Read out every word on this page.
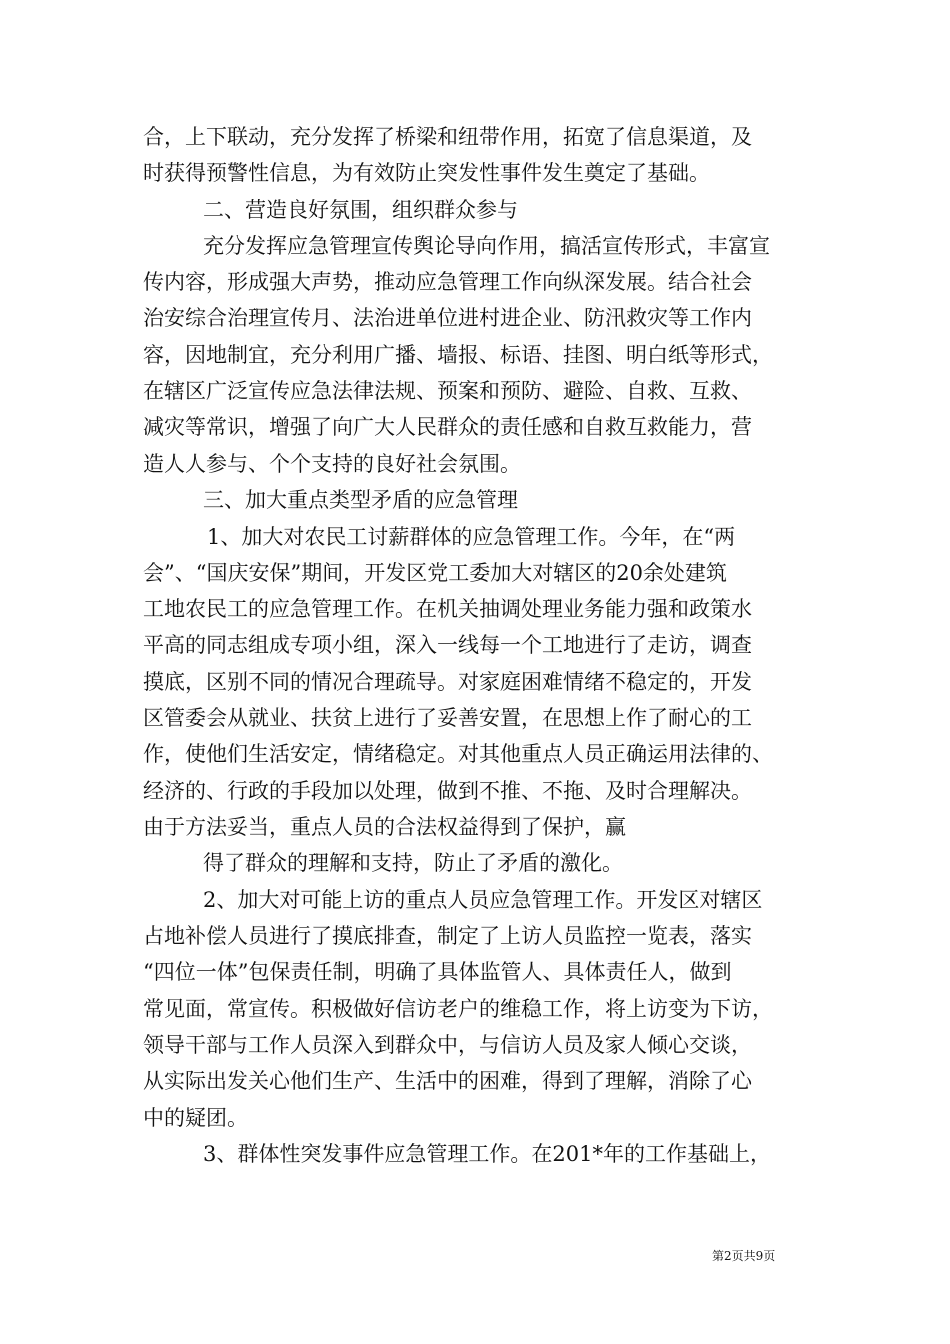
合，上下联动，充分发挥了桥梁和纽带作用，拓宽了信息渠道，及
时获得预警性信息，为有效防止突发性事件发生奠定了基础。
二、营造良好氛围，组织群众参与
充分发挥应急管理宣传舆论导向作用，搞活宣传形式，丰富宣
传内容，形成强大声势，推动应急管理工作向纵深发展。结合社会
治安综合治理宣传月、法治进单位进村进企业、防汛救灾等工作内
容，因地制宜，充分利用广播、墙报、标语、挂图、明白纸等形式，
在辖区广泛宣传应急法律法规、预案和预防、避险、自救、互救、
减灾等常识，增强了向广大人民群众的责任感和自救互救能力，营
造人人参与、个个支持的良好社会氛围。
三、加大重点类型矛盾的应急管理
1、加大对农民工讨薪群体的应急管理工作。今年，在“两
会”、“国庆安保”期间，开发区党工委加大对辖区的20余处建筑
工地农民工的应急管理工作。在机关抽调处理业务能力强和政策水
平高的同志组成专项小组，深入一线每一个工地进行了走访，调查
摸底，区别不同的情况合理疏导。对家庭困难情绪不稳定的，开发
区管委会从就业、扶贫上进行了妥善安置，在思想上作了耐心的工
作，使他们生活安定，情绪稳定。对其他重点人员正确运用法律的、
经济的、行政的手段加以处理，做到不推、不拖、及时合理解决。
由于方法妥当，重点人员的合法权益得到了保护，赢
得了群众的理解和支持，防止了矛盾的激化。
2、加大对可能上访的重点人员应急管理工作。开发区对辖区
占地补偿人员进行了摸底排查，制定了上访人员监控一览表，落实
“四位一体”包保责任制，明确了具体监管人、具体责任人，做到
常见面，常宣传。积极做好信访老户的维稳工作，将上访变为下访，
领导干部与工作人员深入到群众中，与信访人员及家人倾心交谈，
从实际出发关心他们生产、生活中的困难，得到了理解，消除了心
中的疑团。
3、群体性突发事件应急管理工作。在201*年的工作基础上，
第2页共9页
